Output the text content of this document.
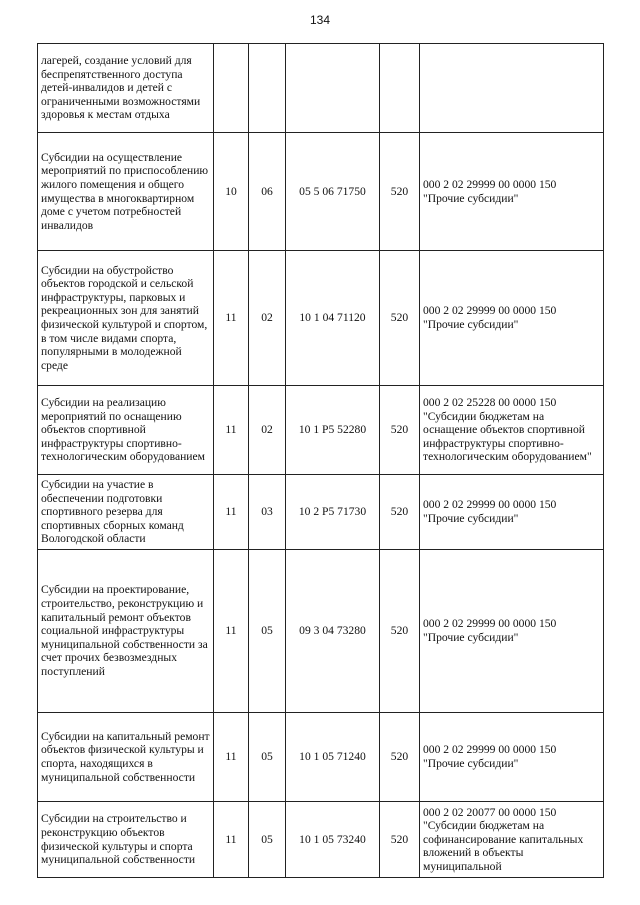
134
лагерей, создание условий для беспрепятственного доступа детей-инвалидов и детей с ограниченными возможностями здоровья к местам отдыха					

Субсидии на осуществление мероприятий по приспособлению жилого помещения и общего имущества в многоквартирном доме с учетом потребностей инвалидов	10	06	05 5 06 71750	520	000 2 02 29999 00 0000 150
"Прочие субсидии"

Субсидии на обустройство объектов городской и сельской инфраструктуры, парковых и рекреационных зон для занятий физической культурой и спортом, в том числе видами спорта, популярными в молодежной среде	11	02	10 1 04 71120	520	000 2 02 29999 00 0000 150
"Прочие субсидии"

Субсидии на реализацию мероприятий по оснащению объектов спортивной инфраструктуры спортивно-технологическим оборудованием	11	02	10 1 P5 52280	520	000 2 02 25228 00 0000 150
"Субсидии бюджетам на оснащение объектов спортивной инфраструктуры спортивно-технологическим оборудованием"

Субсидии на участие в обеспечении подготовки спортивного резерва для спортивных сборных команд Вологодской области	11	03	10 2 P5 71730	520	000 2 02 29999 00 0000 150
"Прочие субсидии"

Субсидии на проектирование, строительство, реконструкцию и капитальный ремонт объектов социальной инфраструктуры муниципальной собственности за счет прочих безвозмездных поступлений	11	05	09 3 04 73280	520	000 2 02 29999 00 0000 150
"Прочие субсидии"

Субсидии на капитальный ремонт объектов физической культуры и спорта, находящихся в муниципальной собственности	11	05	10 1 05 71240	520	000 2 02 29999 00 0000 150
"Прочие субсидии"

Субсидии на строительство и реконструкцию объектов физической культуры и спорта муниципальной собственности	11	05	10 1 05 73240	520	000 2 02 20077 00 0000 150
"Субсидии бюджетам на софинансирование капитальных вложений в объекты муниципальной
